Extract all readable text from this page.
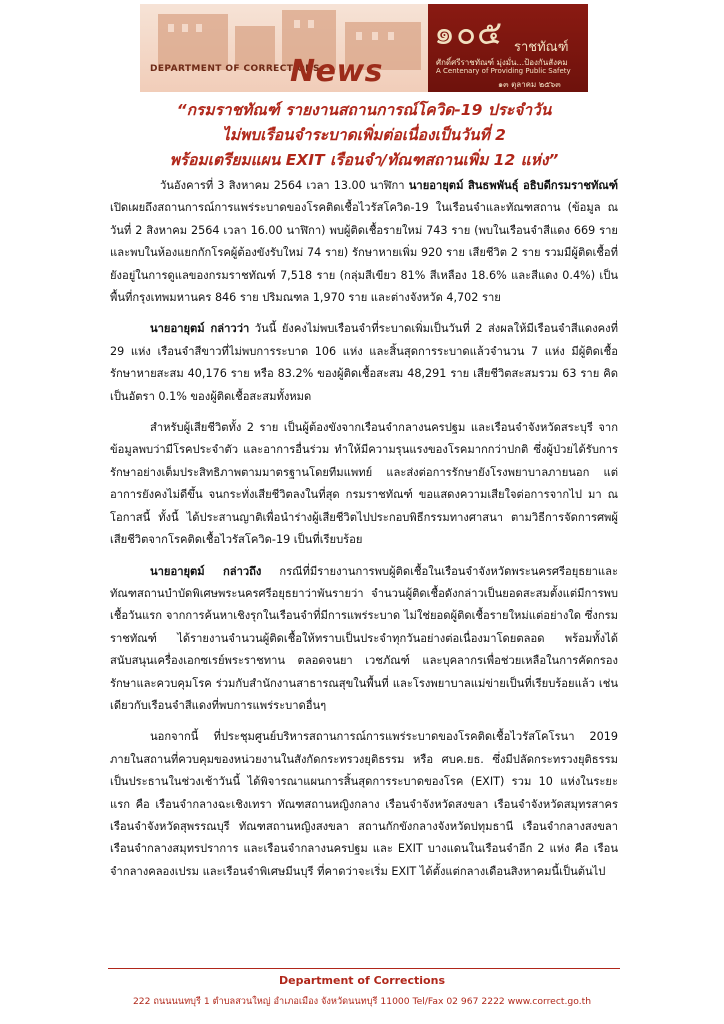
DEPARTMENT OF CORRECTIONS
News
๑๐๕ ราชทัณฑ์
ศักดิ์ศรีราชทัณฑ์ มุ่งมั่น...ป้องกันสังคม
A Centenary of Providing Public Safety
๑๓ ตุลาคม ๒๕๖๓
“กรมราชทัณฑ์ รายงานสถานการณ์โควิด-19 ประจำวัน
ไม่พบเรือนจำระบาดเพิ่มต่อเนื่องเป็นวันที่ 2
พร้อมเตรียมแผน EXIT เรือนจำ/ทัณฑสถานเพิ่ม 12 แห่ง”

วันอังคารที่ 3 สิงหาคม 2564 เวลา 13.00 นาฬิกา นายอายุตม์ สินธพพันธุ์ อธิบดีกรมราชทัณฑ์ เปิดเผยถึงสถานการณ์การแพร่ระบาดของโรคติดเชื้อไวรัสโควิด-19 ในเรือนจำและทัณฑสถาน (ข้อมูล ณ วันที่ 2 สิงหาคม 2564 เวลา 16.00 นาฬิกา) พบผู้ติดเชื้อรายใหม่ 743 ราย (พบในเรือนจำสีแดง 669 ราย และพบในห้องแยกกักโรคผู้ต้องขังรับใหม่ 74 ราย) รักษาหายเพิ่ม 920 ราย เสียชีวิต 2 ราย รวมมีผู้ติดเชื้อที่ยังอยู่ในการดูแลของกรมราชทัณฑ์ 7,518 ราย (กลุ่มสีเขียว 81% สีเหลือง 18.6% และสีแดง 0.4%) เป็นพื้นที่กรุงเทพมหานคร 846 ราย ปริมณฑล 1,970 ราย และต่างจังหวัด 4,702 ราย

นายอายุตม์ กล่าวว่า วันนี้ ยังคงไม่พบเรือนจำที่ระบาดเพิ่มเป็นวันที่ 2 ส่งผลให้มีเรือนจำสีแดงคงที่ 29 แห่ง เรือนจำสีขาวที่ไม่พบการระบาด 106 แห่ง และสิ้นสุดการระบาดแล้วจำนวน 7 แห่ง มีผู้ติดเชื้อรักษาหายสะสม 40,176 ราย หรือ 83.2% ของผู้ติดเชื้อสะสม 48,291 ราย เสียชีวิตสะสมรวม 63 ราย คิดเป็นอัตรา 0.1% ของผู้ติดเชื้อสะสมทั้งหมด

สำหรับผู้เสียชีวิตทั้ง 2 ราย เป็นผู้ต้องขังจากเรือนจำกลางนครปฐม และเรือนจำจังหวัดสระบุรี จากข้อมูลพบว่ามีโรคประจำตัว และอาการอื่นร่วม ทำให้มีความรุนแรงของโรคมากกว่าปกติ ซึ่งผู้ป่วยได้รับการรักษาอย่างเต็มประสิทธิภาพตามมาตรฐานโดยทีมแพทย์ และส่งต่อการรักษายังโรงพยาบาลภายนอก แต่อาการยังคงไม่ดีขึ้น จนกระทั่งเสียชีวิตลงในที่สุด กรมราชทัณฑ์ ขอแสดงความเสียใจต่อการจากไป มา ณ โอกาสนี้ ทั้งนี้ ได้ประสานญาติเพื่อนำร่างผู้เสียชีวิตไปประกอบพิธีกรรมทางศาสนา ตามวิธีการจัดการศพผู้เสียชีวิตจากโรคติดเชื้อไวรัสโควิด-19 เป็นที่เรียบร้อย

นายอายุตม์ กล่าวถึง กรณีที่มีรายงานการพบผู้ติดเชื้อในเรือนจำจังหวัดพระนครศรีอยุธยาและทัณฑสถานบำบัดพิเศษพระนครศรีอยุธยาว่าพันรายว่า จำนวนผู้ติดเชื้อดังกล่าวเป็นยอดสะสมตั้งแต่มีการพบเชื้อวันแรก จากการค้นหาเชิงรุกในเรือนจำที่มีการแพร่ระบาด ไม่ใช่ยอดผู้ติดเชื้อรายใหม่แต่อย่างใด ซึ่งกรมราชทัณฑ์ ได้รายงานจำนวนผู้ติดเชื้อให้ทราบเป็นประจำทุกวันอย่างต่อเนื่องมาโดยตลอด พร้อมทั้งได้สนับสนุนเครื่องเอกซเรย์พระราชทาน ตลอดจนยา เวชภัณฑ์ และบุคลากรเพื่อช่วยเหลือในการคัดกรอง รักษาและควบคุมโรค ร่วมกับสำนักงานสาธารณสุขในพื้นที่ และโรงพยาบาลแม่ข่ายเป็นที่เรียบร้อยแล้ว เช่นเดียวกับเรือนจำสีแดงที่พบการแพร่ระบาดอื่นๆ

นอกจากนี้ ที่ประชุมศูนย์บริหารสถานการณ์การแพร่ระบาดของโรคติดเชื้อไวรัสโคโรนา 2019 ภายในสถานที่ควบคุมของหน่วยงานในสังกัดกระทรวงยุติธรรม หรือ ศบค.ยธ. ซึ่งมีปลัดกระทรวงยุติธรรมเป็นประธานในช่วงเช้าวันนี้ ได้พิจารณาแผนการสิ้นสุดการระบาดของโรค (EXIT) รวม 10 แห่งในระยะแรก คือ เรือนจำกลางฉะเชิงเทรา ทัณฑสถานหญิงกลาง เรือนจำจังหวัดสงขลา เรือนจำจังหวัดสมุทรสาคร เรือนจำจังหวัดสุพรรณบุรี ทัณฑสถานหญิงสงขลา สถานกักขังกลางจังหวัดปทุมธานี เรือนจำกลางสงขลา เรือนจำกลางสมุทรปราการ และเรือนจำกลางนครปฐม และ EXIT บางแดนในเรือนจำอีก 2 แห่ง คือ เรือนจำกลางคลองเปรม และเรือนจำพิเศษมีนบุรี ที่คาดว่าจะเริ่ม EXIT ได้ตั้งแต่กลางเดือนสิงหาคมนี้เป็นต้นไป

Department of Corrections
222 ถนนนนทบุรี 1 ตำบลสวนใหญ่ อำเภอเมือง จังหวัดนนทบุรี 11000 Tel/Fax 02 967 2222 www.correct.go.th
